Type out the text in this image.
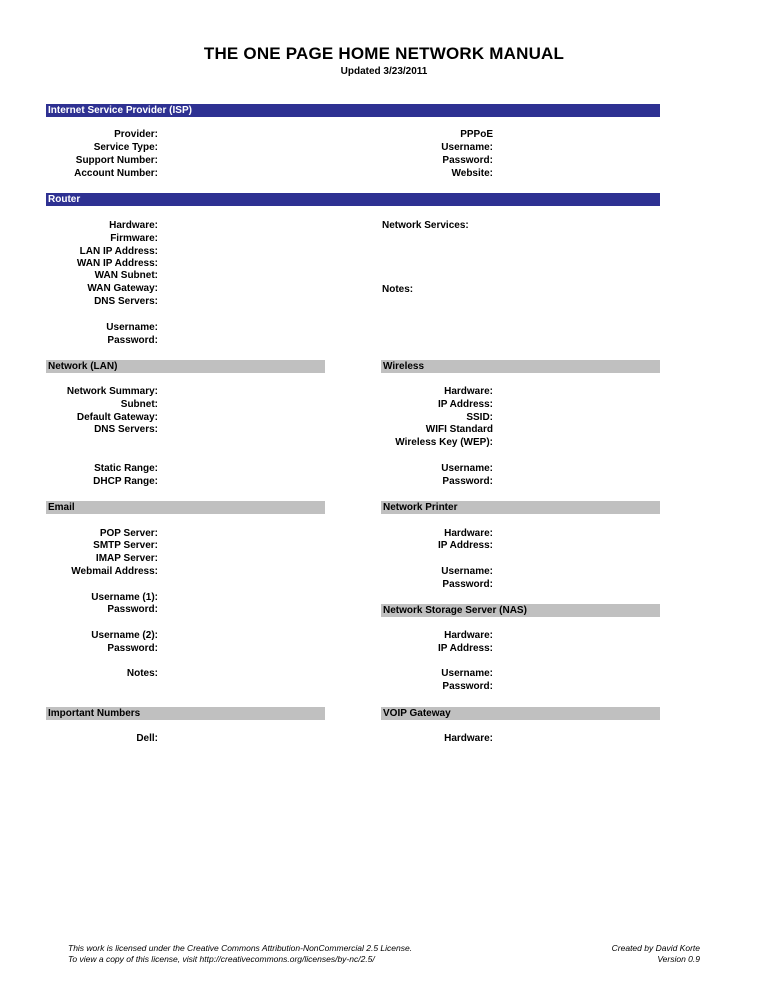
THE ONE PAGE HOME NETWORK MANUAL
Updated 3/23/2011
Internet Service Provider (ISP)
Provider:
Service Type:
Support Number:
Account Number:
PPPoE
Username:
Password:
Website:
Router
Hardware:
Firmware:
LAN IP Address:
WAN IP Address:
WAN Subnet:
WAN Gateway:
DNS Servers:
Username:
Password:
Network Services:
Notes:
Network (LAN)
Network Summary:
Subnet:
Default Gateway:
DNS Servers:
Static Range:
DHCP Range:
Wireless
Hardware:
IP Address:
SSID:
WIFI Standard
Wireless Key (WEP):
Username:
Password:
Email
POP Server:
SMTP Server:
IMAP Server:
Webmail Address:
Username (1):
Password:
Username (2):
Password:
Notes:
Network Printer
Hardware:
IP Address:
Username:
Password:
Network Storage Server (NAS)
Hardware:
IP Address:
Username:
Password:
Important Numbers
Dell:
VOIP Gateway
Hardware:
This work is licensed under the Creative Commons Attribution-NonCommercial 2.5 License.
To view a copy of this license, visit http://creativecommons.org/licenses/by-nc/2.5/
Created by David Korte
Version 0.9
